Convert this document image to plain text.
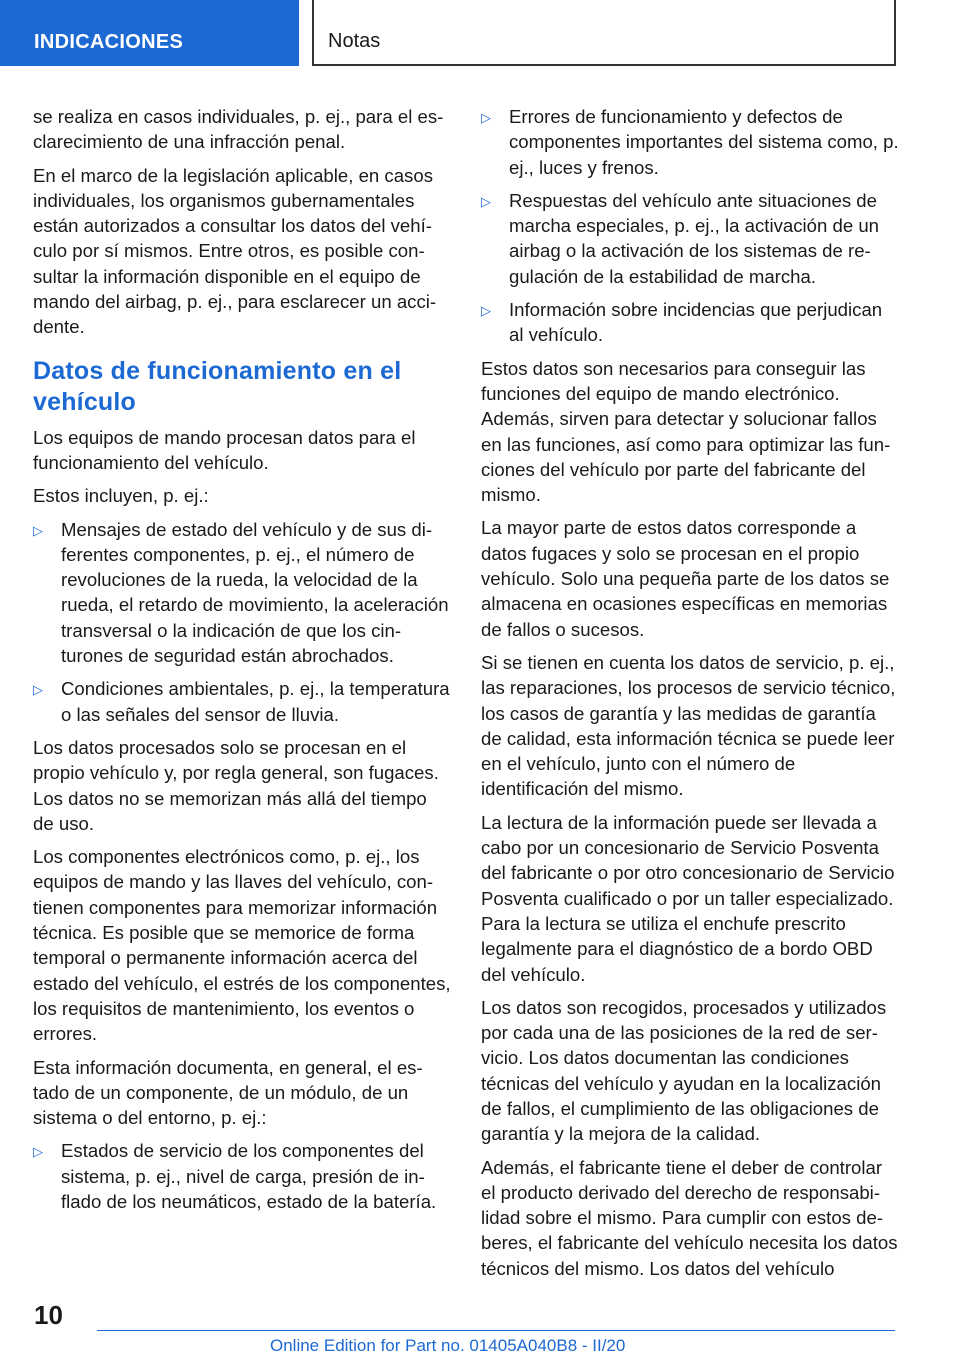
INDICACIONES	Notas

se realiza en casos individuales, p. ej., para el esclarecimiento de una infracción penal.

En el marco de la legislación aplicable, en casos individuales, los organismos gubernamentales están autorizados a consultar los datos del vehículo por sí mismos. Entre otros, es posible consultar la información disponible en el equipo de mando del airbag, p. ej., para esclarecer un accidente.

Datos de funcionamiento en el vehículo

Los equipos de mando procesan datos para el funcionamiento del vehículo.

Estos incluyen, p. ej.:

▷ Mensajes de estado del vehículo y de sus diferentes componentes, p. ej., el número de revoluciones de la rueda, la velocidad de la rueda, el retardo de movimiento, la aceleración transversal o la indicación de que los cinturones de seguridad están abrochados.
▷ Condiciones ambientales, p. ej., la temperatura o las señales del sensor de lluvia.

Los datos procesados solo se procesan en el propio vehículo y, por regla general, son fugaces. Los datos no se memorizan más allá del tiempo de uso.

Los componentes electrónicos como, p. ej., los equipos de mando y las llaves del vehículo, contienen componentes para memorizar información técnica. Es posible que se memorice de forma temporal o permanente información acerca del estado del vehículo, el estrés de los componentes, los requisitos de mantenimiento, los eventos o errores.

Esta información documenta, en general, el estado de un componente, de un módulo, de un sistema o del entorno, p. ej.:

▷ Estados de servicio de los componentes del sistema, p. ej., nivel de carga, presión de inflado de los neumáticos, estado de la batería.
▷ Errores de funcionamiento y defectos de componentes importantes del sistema como, p. ej., luces y frenos.
▷ Respuestas del vehículo ante situaciones de marcha especiales, p. ej., la activación de un airbag o la activación de los sistemas de regulación de la estabilidad de marcha.
▷ Información sobre incidencias que perjudican al vehículo.

Estos datos son necesarios para conseguir las funciones del equipo de mando electrónico. Además, sirven para detectar y solucionar fallos en las funciones, así como para optimizar las funciones del vehículo por parte del fabricante del mismo.

La mayor parte de estos datos corresponde a datos fugaces y solo se procesan en el propio vehículo. Solo una pequeña parte de los datos se almacena en ocasiones específicas en memorias de fallos o sucesos.

Si se tienen en cuenta los datos de servicio, p. ej., las reparaciones, los procesos de servicio técnico, los casos de garantía y las medidas de garantía de calidad, esta información técnica se puede leer en el vehículo, junto con el número de identificación del mismo.

La lectura de la información puede ser llevada a cabo por un concesionario de Servicio Posventa del fabricante o por otro concesionario de Servicio Posventa cualificado o por un taller especializado. Para la lectura se utiliza el enchufe prescrito legalmente para el diagnóstico de a bordo OBD del vehículo.

Los datos son recogidos, procesados y utilizados por cada una de las posiciones de la red de servicio. Los datos documentan las condiciones técnicas del vehículo y ayudan en la localización de fallos, el cumplimiento de las obligaciones de garantía y la mejora de la calidad.

Además, el fabricante tiene el deber de controlar el producto derivado del derecho de responsabilidad sobre el mismo. Para cumplir con estos deberes, el fabricante del vehículo necesita los datos técnicos del mismo. Los datos del vehículo

10
Online Edition for Part no. 01405A040B8 - II/20
